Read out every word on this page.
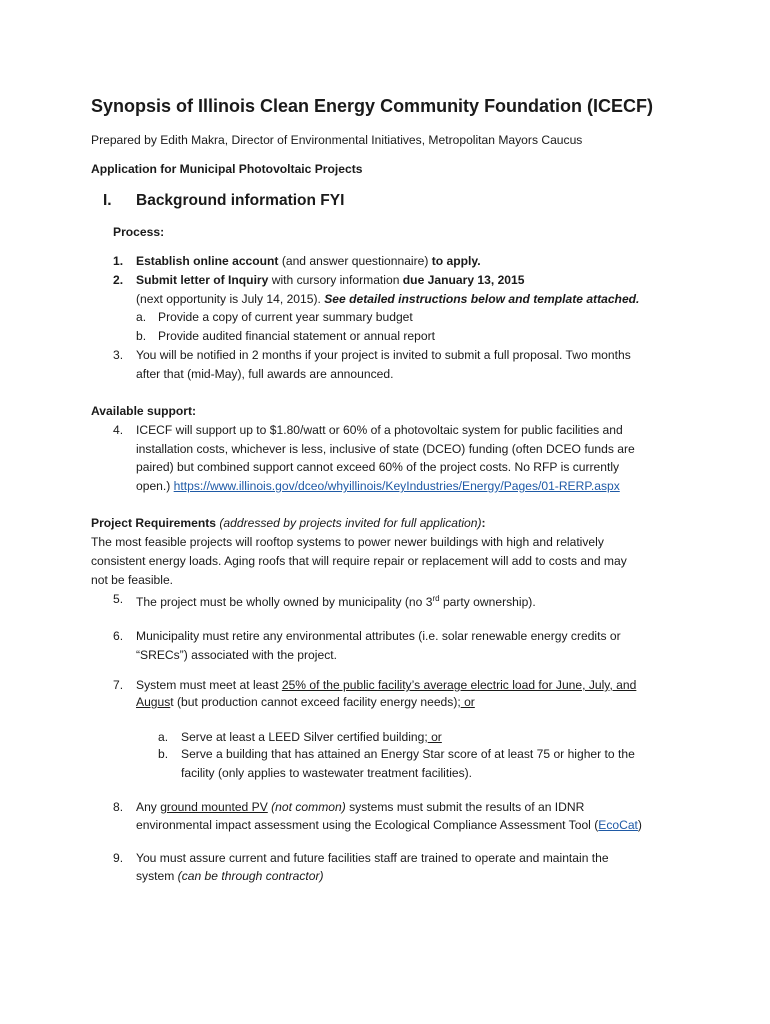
Synopsis of Illinois Clean Energy Community Foundation (ICECF)
Prepared by Edith Makra, Director of Environmental Initiatives, Metropolitan Mayors Caucus
Application for Municipal Photovoltaic Projects
I. Background information FYI
Process:
1. Establish online account (and answer questionnaire) to apply.
2. Submit letter of Inquiry with cursory information due January 13, 2015
(next opportunity is July 14, 2015). See detailed instructions below and template attached.
a. Provide a copy of current year summary budget
b. Provide audited financial statement or annual report
3. You will be notified in 2 months if your project is invited to submit a full proposal. Two months
after that (mid-May), full awards are announced.
Available support:
4. ICECF will support up to $1.80/watt or 60% of a photovoltaic system for public facilities and
installation costs, whichever is less, inclusive of state (DCEO) funding (often DCEO funds are
paired) but combined support cannot exceed 60% of the project costs. No RFP is currently
open.) https://www.illinois.gov/dceo/whyillinois/KeyIndustries/Energy/Pages/01-RERP.aspx
Project Requirements (addressed by projects invited for full application):
The most feasible projects will rooftop systems to power newer buildings with high and relatively
consistent energy loads. Aging roofs that will require repair or replacement will add to costs and may
not be feasible.
5. The project must be wholly owned by municipality (no 3rd party ownership).
6. Municipality must retire any environmental attributes (i.e. solar renewable energy credits or
“SRECs”) associated with the project.
7. System must meet at least 25% of the public facility’s average electric load for June, July, and
August (but production cannot exceed facility energy needs); or
a. Serve at least a LEED Silver certified building; or
b. Serve a building that has attained an Energy Star score of at least 75 or higher to the
facility (only applies to wastewater treatment facilities).
8. Any ground mounted PV (not common) systems must submit the results of an IDNR
environmental impact assessment using the Ecological Compliance Assessment Tool (EcoCat)
9. You must assure current and future facilities staff are trained to operate and maintain the
system (can be through contractor)
